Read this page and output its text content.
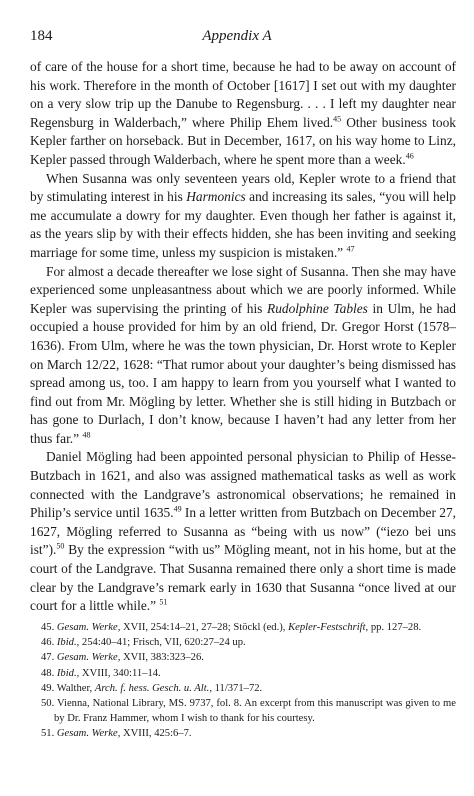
184	Appendix A

of care of the house for a short time, because he had to be away on account of his work. Therefore in the month of October [1617] I set out with my daughter on a very slow trip up the Danube to Regensburg. . . . I left my daughter near Regensburg in Walderbach,” where Philip Ehem lived.$^{45}$ Other business took Kepler farther on horseback. But in December, 1617, on his way home to Linz, Kepler passed through Walderbach, where he spent more than a week.$^{46}$

When Susanna was only seventeen years old, Kepler wrote to a friend that by stimulating interest in his Harmonics and increasing its sales, “you will help me accumulate a dowry for my daughter. Even though her father is against it, as the years slip by with their effects hidden, she has been inviting and seeking marriage for some time, unless my suspicion is mistaken.” $^{47}$

For almost a decade thereafter we lose sight of Susanna. Then she may have experienced some unpleasantness about which we are poorly informed. While Kepler was supervising the printing of his Rudolphine Tables in Ulm, he had occupied a house provided for him by an old friend, Dr. Gregor Horst (1578–1636). From Ulm, where he was the town physician, Dr. Horst wrote to Kepler on March 12/22, 1628: “That rumor about your daughter’s being dismissed has spread among us, too. I am happy to learn from you yourself what I wanted to find out from Mr. Mögling by letter. Whether she is still hiding in Butzbach or has gone to Durlach, I don’t know, because I haven’t had any letter from her thus far.” $^{48}$

Daniel Mögling had been appointed personal physician to Philip of Hesse-Butzbach in 1621, and also was assigned mathematical tasks as well as work connected with the Landgrave’s astronomical observations; he remained in Philip’s service until 1635.49 In a letter written from Butzbach on December 27, 1627, Mögling referred to Susanna as “being with us now” (“iezo bei uns ist”).$^{50}$ By the expression “with us” Mögling meant, not in his home, but at the court of the Landgrave. That Susanna remained there only a short time is made clear by the Landgrave’s remark early in 1630 that Susanna “once lived at our court for a little while.” $^{51}$

45. Gesam. Werke, XVII, 254:14–21, 27–28; Stöckl (ed.), Kepler-Festschrift, pp. 127–28.

46. Ibid., 254:40–41; Frisch, VII, 620:27–24 up.

47. Gesam. Werke, XVII, 383:323–26.

48. Ibid., XVIII, 340:11–14.

49. Walther, Arch. f. hess. Gesch. u. Alt., 11/371–72.

50. Vienna, National Library, MS. 9737, fol. 8. An excerpt from this manuscript was given to me by Dr. Franz Hammer, whom I wish to thank for his courtesy.

51. Gesam. Werke, XVIII, 425:6–7.
